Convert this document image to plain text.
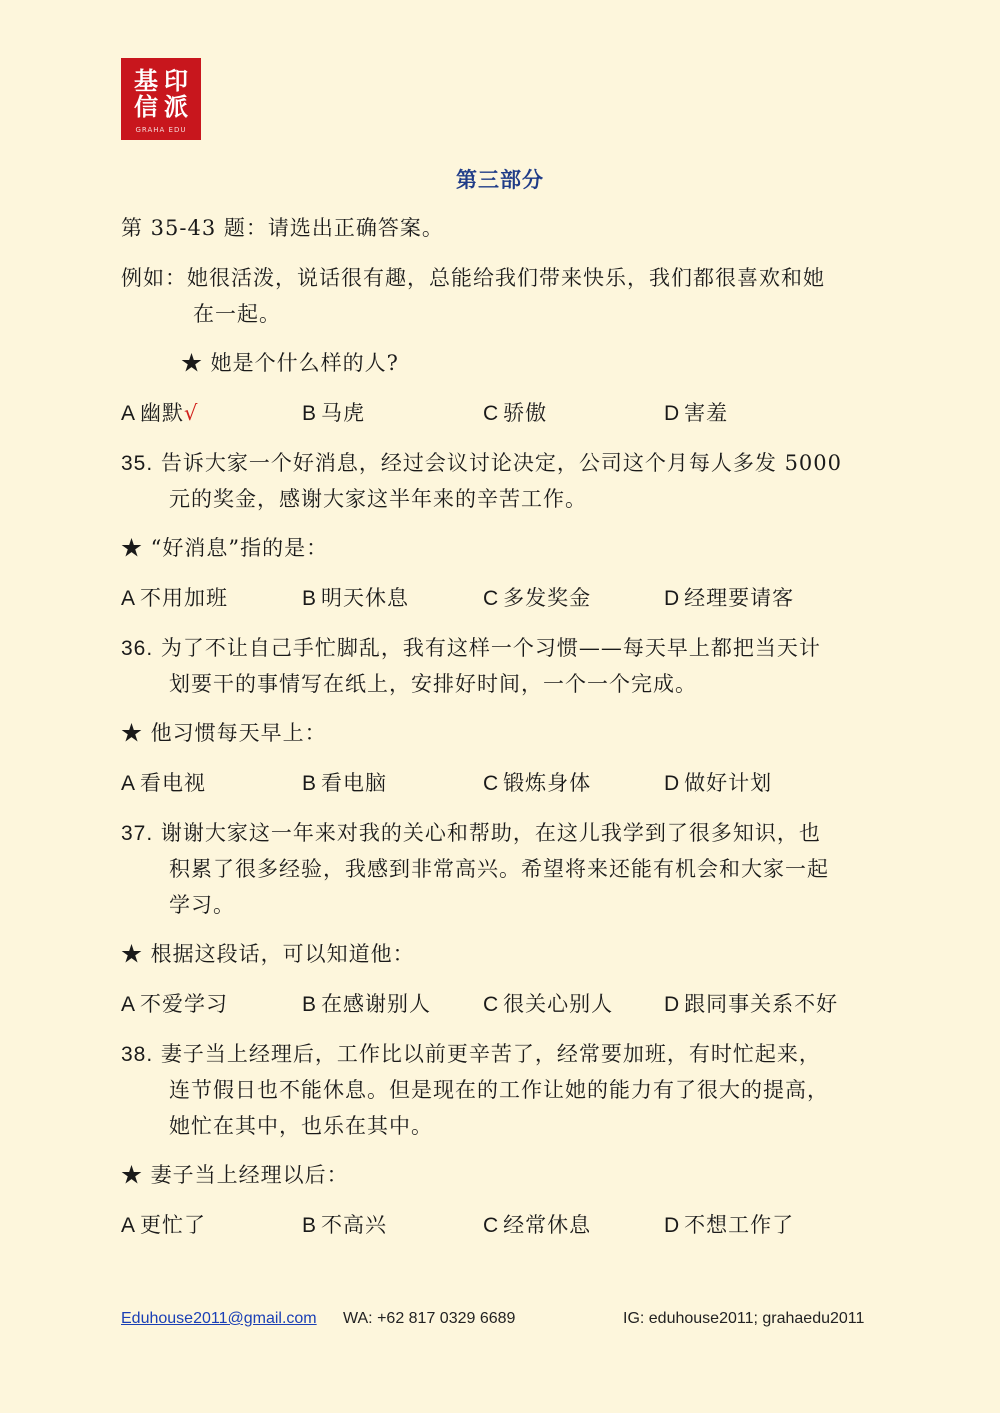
基 印
信 派
GRAHA EDU
第三部分
第 35-43 题：请选出正确答案。
例如：她很活泼，说话很有趣，总能给我们带来快乐，我们都很喜欢和她
在一起。
★ 她是个什么样的人?
A 幽默√	B 马虎	C 骄傲	D 害羞
35. 告诉大家一个好消息，经过会议讨论决定，公司这个月每人多发 5000
元的奖金，感谢大家这半年来的辛苦工作。
★ “好消息”指的是：
A 不用加班	B 明天休息	C 多发奖金	D 经理要请客
36. 为了不让自己手忙脚乱，我有这样一个习惯——每天早上都把当天计
划要干的事情写在纸上，安排好时间，一个一个完成。
★ 他习惯每天早上：
A 看电视	B 看电脑	C 锻炼身体	D 做好计划
37. 谢谢大家这一年来对我的关心和帮助，在这儿我学到了很多知识，也
积累了很多经验，我感到非常高兴。希望将来还能有机会和大家一起
学习。
★ 根据这段话，可以知道他：
A 不爱学习	B 在感谢别人 C 很关心别人 D 跟同事关系不好
38. 妻子当上经理后，工作比以前更辛苦了，经常要加班，有时忙起来，
连节假日也不能休息。但是现在的工作让她的能力有了很大的提高，
她忙在其中，也乐在其中。
★ 妻子当上经理以后：
A 更忙了	B 不高兴	C 经常休息	D 不想工作了
Eduhouse2011@gmail.com WA: +62 817 0329 6689	IG: eduhouse2011; grahaedu2011
